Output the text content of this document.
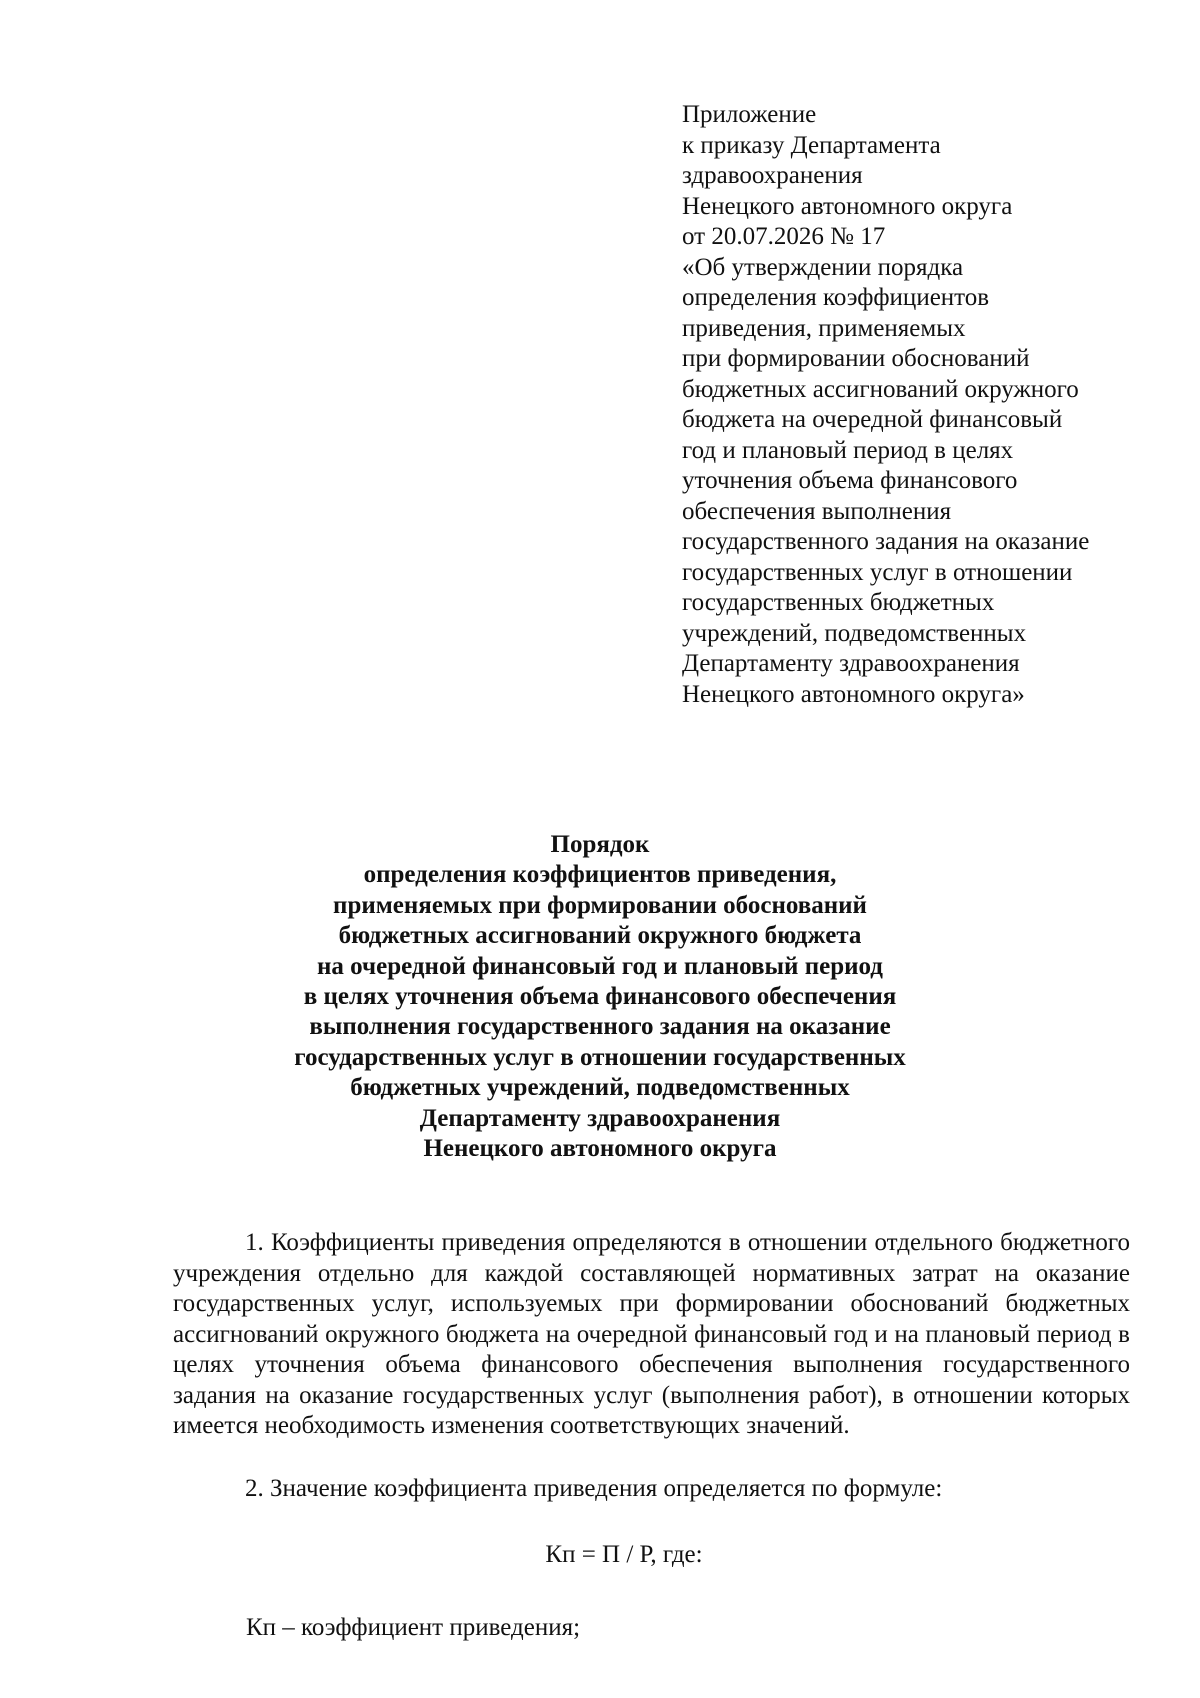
Приложение
к приказу Департамента
здравоохранения
Ненецкого автономного округа
от 20.07.2026 № 17
«Об утверждении порядка
определения коэффициентов
приведения, применяемых
при формировании обоснований
бюджетных ассигнований окружного
бюджета на очередной финансовый
год и плановый период в целях
уточнения объема финансового
обеспечения выполнения
государственного задания на оказание
государственных услуг в отношении
государственных бюджетных
учреждений, подведомственных
Департаменту здравоохранения
Ненецкого автономного округа»
Порядок
определения коэффициентов приведения,
применяемых при формировании обоснований
бюджетных ассигнований окружного бюджета
на очередной финансовый год и плановый период
в целях уточнения объема финансового обеспечения
выполнения государственного задания на оказание
государственных услуг в отношении государственных
бюджетных учреждений, подведомственных
Департаменту здравоохранения
Ненецкого автономного округа

1. Коэффициенты приведения определяются в отношении отдельного бюджетного учреждения отдельно для каждой составляющей нормативных затрат на оказание государственных услуг, используемых при формировании обоснований бюджетных ассигнований окружного бюджета на очередной финансовый год и на плановый период в целях уточнения объема финансового обеспечения выполнения государственного задания на оказание государственных услуг (выполнения работ), в отношении которых имеется необходимость изменения соответствующих значений.

2. Значение коэффициента приведения определяется по формуле:

Кп = П / Р, где:
Кп – коэффициент приведения;
